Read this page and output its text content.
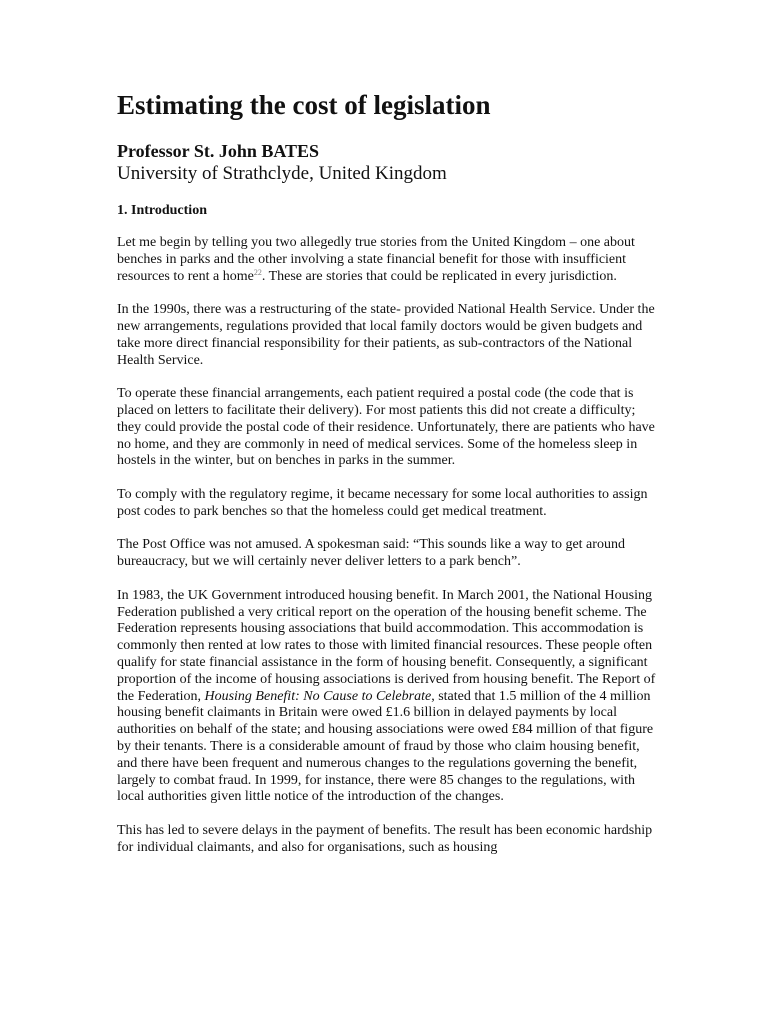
Estimating the cost of legislation

Professor St. John BATES

University of Strathclyde, United Kingdom

1. Introduction

Let me begin by telling you two allegedly true stories from the United Kingdom – one about benches in parks and the other involving a state financial benefit for those with insufficient resources to rent a home$^{22}$. These are stories that could be replicated in every jurisdiction.

In the 1990s, there was a restructuring of the state- provided National Health Service. Under the new arrangements, regulations provided that local family doctors would be given budgets and take more direct financial responsibility for their patients, as sub-contractors of the National Health Service.

To operate these financial arrangements, each patient required a postal code (the code that is placed on letters to facilitate their delivery). For most patients this did not create a difficulty; they could provide the postal code of their residence. Unfortunately, there are patients who have no home, and they are commonly in need of medical services. Some of the homeless sleep in hostels in the winter, but on benches in parks in the summer.

To comply with the regulatory regime, it became necessary for some local authorities to assign post codes to park benches so that the homeless could get medical treatment.

The Post Office was not amused. A spokesman said: “This sounds like a way to get around bureaucracy, but we will certainly never deliver letters to a park bench”.

In 1983, the UK Government introduced housing benefit. In March 2001, the National Housing Federation published a very critical report on the operation of the housing benefit scheme. The Federation represents housing associations that build accommodation. This accommodation is commonly then rented at low rates to those with limited financial resources. These people often qualify for state financial assistance in the form of housing benefit. Consequently, a significant proportion of the income of housing associations is derived from housing benefit. The Report of the Federation, Housing Benefit: No Cause to Celebrate, stated that 1.5 million of the 4 million housing benefit claimants in Britain were owed £1.6 billion in delayed payments by local authorities on behalf of the state; and housing associations were owed £84 million of that figure by their tenants. There is a considerable amount of fraud by those who claim housing benefit, and there have been frequent and numerous changes to the regulations governing the benefit, largely to combat fraud. In 1999, for instance, there were 85 changes to the regulations, with local authorities given little notice of the introduction of the changes.

This has led to severe delays in the payment of benefits. The result has been economic hardship for individual claimants, and also for organisations, such as housing
